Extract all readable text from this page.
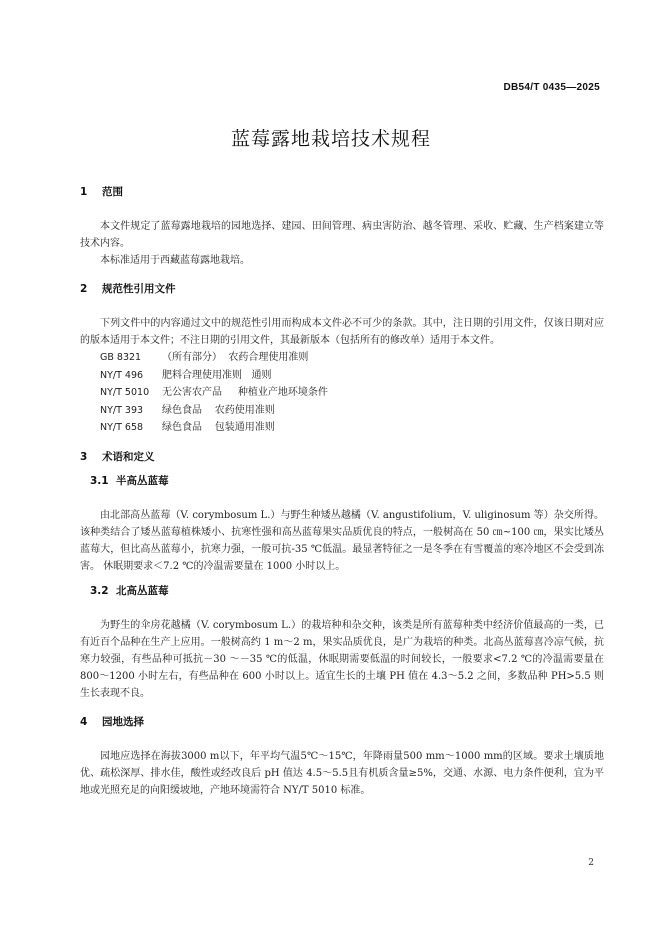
DB54/T 0435—2025
蓝莓露地栽培技术规程
1 范围

本文件规定了蓝莓露地栽培的园地选择、建园、田间管理、病虫害防治、越冬管理、采收、贮藏、生产档案建立等技术内容。

本标准适用于西藏蓝莓露地栽培。

2 规范性引用文件

下列文件中的内容通过文中的规范性引用而构成本文件必不可少的条款。其中，注日期的引用文件，仅该日期对应的版本适用于本文件；不注日期的引用文件，其最新版本（包括所有的修改单）适用于本文件。

GB 8321 （所有部分）  农药合理使用准则
NY/T 496 肥料合理使用准则   通则
NY/T 5010 无公害农产品     种植业产地环境条件
NY/T 393 绿色食品    农药使用准则
NY/T 658 绿色食品    包装通用准则
3 术语和定义
3.1 半高丛蓝莓

由北部高丛蓝莓（V. corymbosum L.）与野生种矮丛越橘（V. angustifolium，V. uliginosum 等）杂交所得。该种类结合了矮丛蓝莓植株矮小、抗寒性强和高丛蓝莓果实品质优良的特点，一般树高在 50 ㎝~100 ㎝，果实比矮丛蓝莓大，但比高丛蓝莓小，抗寒力强，一般可抗-35 ℃低温。最显著特征之一是冬季在有雪覆盖的寒冷地区不会受到冻害。 休眠期要求＜7.2 ℃的冷温需要量在 1000 小时以上。

3.2 北高丛蓝莓

为野生的伞房花越橘（V. corymbosum L.）的栽培种和杂交种，该类是所有蓝莓种类中经济价值最高的一类，已有近百个品种在生产上应用。一般树高约 1 m～2 m，果实品质优良，是广为栽培的种类。北高丛蓝莓喜冷凉气候，抗寒力较强，有些品种可抵抗－30 ～－35 ℃的低温，休眠期需要低温的时间较长，一般要求<7.2 ℃的冷温需要量在 800～1200 小时左右，有些品种在 600 小时以上。适宜生长的土壤 PH 值在 4.3～5.2 之间，多数品种 PH>5.5 则生长表现不良。

4 园地选择

园地应选择在海拔3000 m以下，年平均气温5℃～15℃，年降雨量500 mm～1000 mm的区域。要求土壤质地优、疏松深厚、排水佳，酸性或经改良后 pH 值达 4.5～5.5且有机质含量≥5%，交通、水源、电力条件便利，宜为平地或光照充足的向阳缓坡地，产地环境需符合 NY/T 5010 标准。

2
